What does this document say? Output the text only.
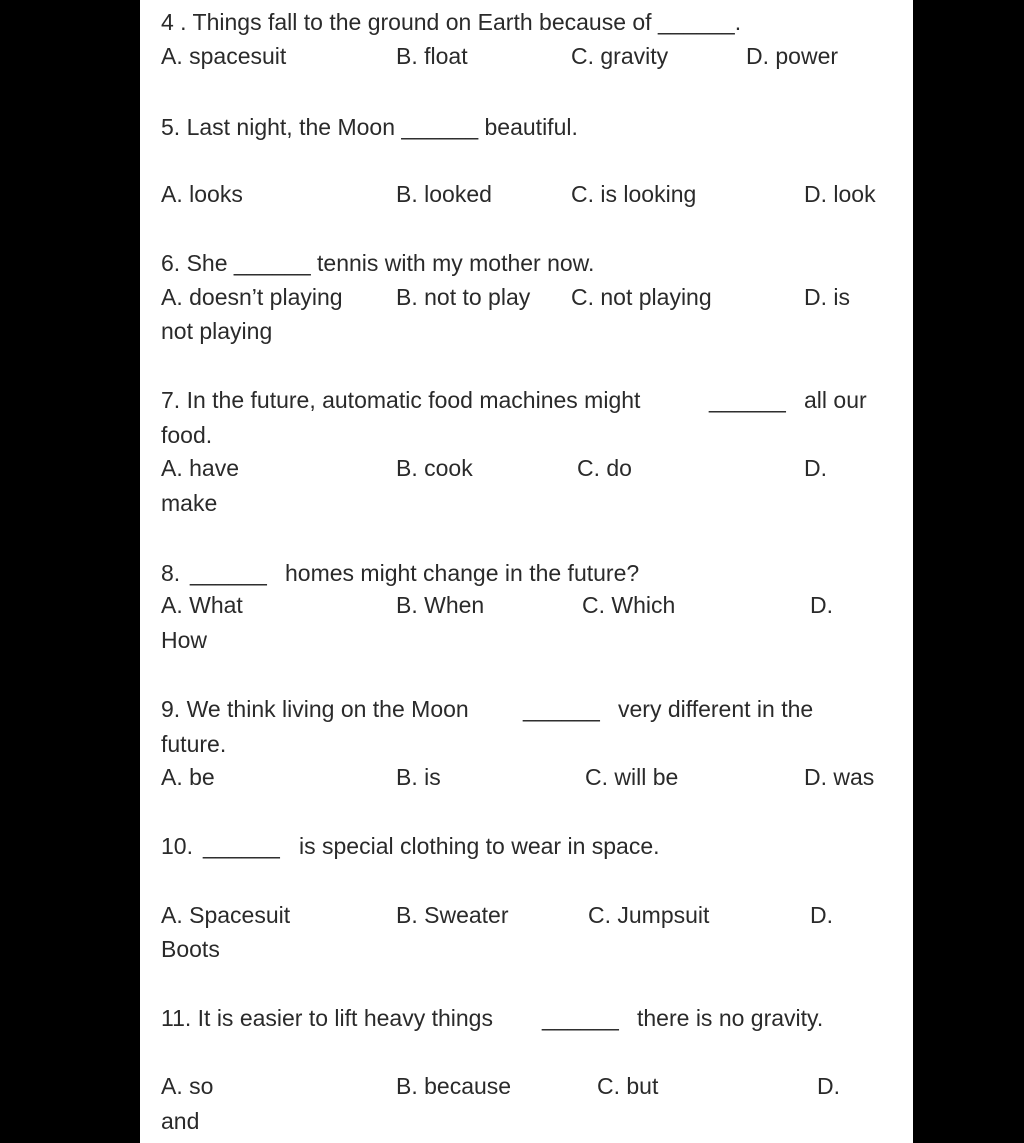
4 . Things fall to the ground on Earth because of ______.
A. spacesuit	B. float	C. gravity	D. power
5. Last night, the Moon ______ beautiful.
A. looks	B. looked	C. is looking	D. look
6. She ______ tennis with my mother now.
A. doesn’t playing B. not to play C. not playing	D. is
not playing
7. In the future, automatic food machines might	______ all our
food.
A. have	B. cook	C. do	D.
make
8. ______ homes might change in the future?
A. What	B. When	C. Which	D.
How
9. We think living on the Moon ______ very different in the
future.
A. be	B. is	C. will be	D. was
10. ______ is special clothing to wear in space.
A. Spacesuit	B. Sweater	C. Jumpsuit	D.
Boots
11. It is easier to lift heavy things ______ there is no gravity.
A. so	B. because	C. but	D.
and
